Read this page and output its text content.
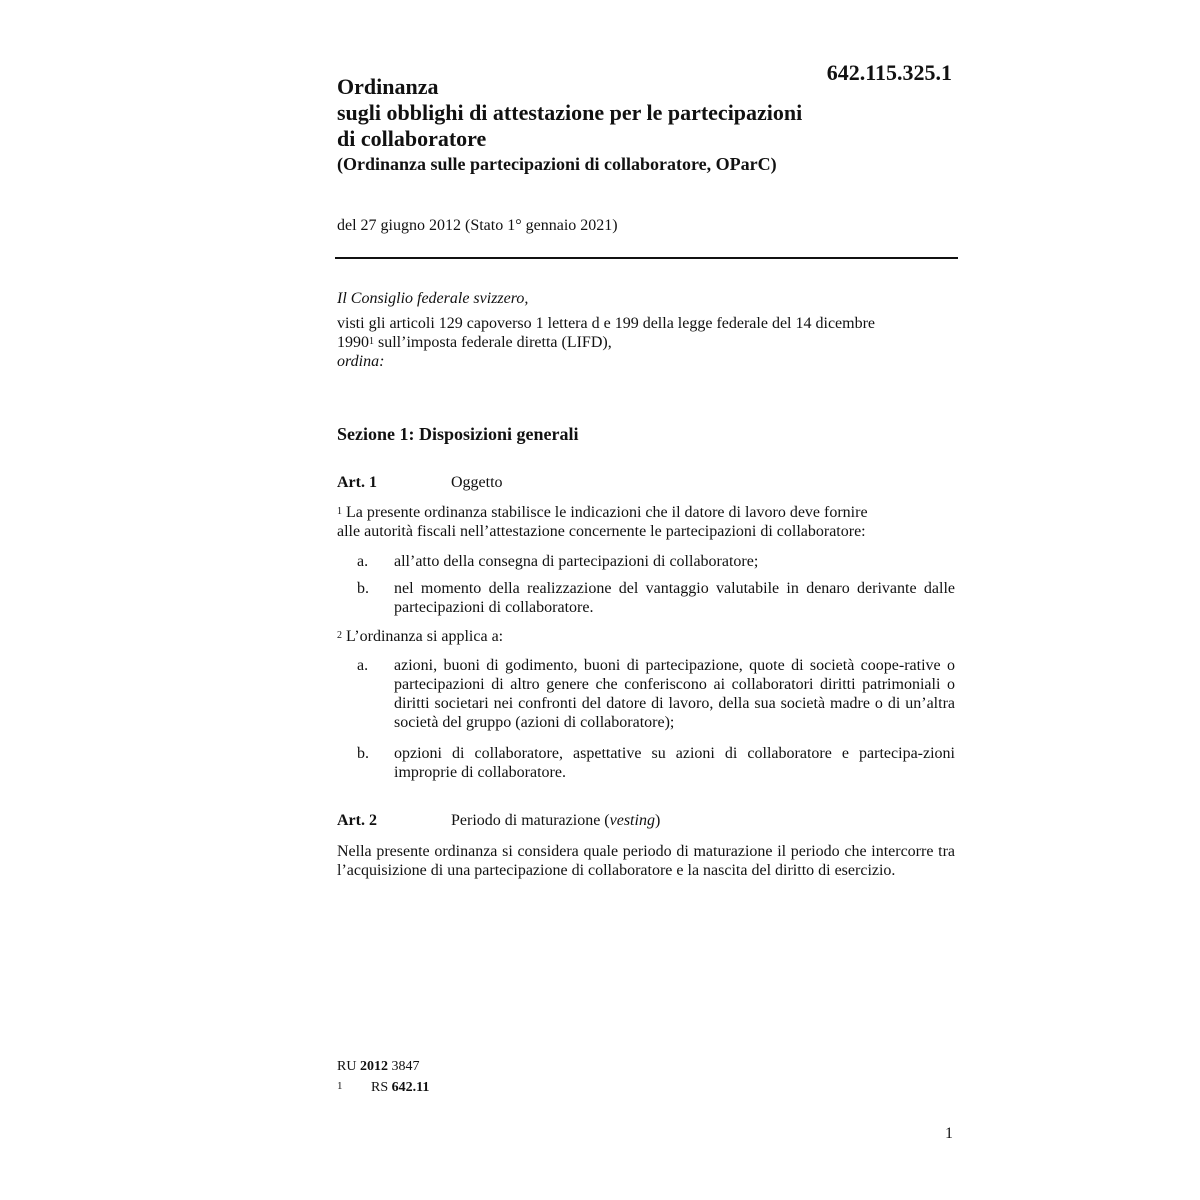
642.115.325.1
Ordinanza
sugli obblighi di attestazione per le partecipazioni
di collaboratore
(Ordinanza sulle partecipazioni di collaboratore, OParC)
del 27 giugno 2012 (Stato 1° gennaio 2021)
Il Consiglio federale svizzero,
visti gli articoli 129 capoverso 1 lettera d e 199 della legge federale del 14 dicembre
1990$^1$ sull’imposta federale diretta (LIFD),
ordina:
Sezione 1: Disposizioni generali
Art. 1	Oggetto
$^1$ La presente ordinanza stabilisce le indicazioni che il datore di lavoro deve fornire
alle autorità fiscali nell’attestazione concernente le partecipazioni di collaboratore:
a. all’atto della consegna di partecipazioni di collaboratore;
b. nel momento della realizzazione del vantaggio valutabile in denaro derivante dalle partecipazioni di collaboratore.
$^2$ L’ordinanza si applica a:
a. azioni, buoni di godimento, buoni di partecipazione, quote di società coope-rative o partecipazioni di altro genere che conferiscono ai collaboratori diritti patrimoniali o diritti societari nei confronti del datore di lavoro, della sua società madre o di un’altra società del gruppo (azioni di collaboratore);
b. opzioni di collaboratore, aspettative su azioni di collaboratore e partecipa-zioni improprie di collaboratore.
Art. 2	Periodo di maturazione (vesting)
Nella presente ordinanza si considera quale periodo di maturazione il periodo che intercorre tra l’acquisizione di una partecipazione di collaboratore e la nascita del diritto di esercizio.
RU 2012 3847
1 RS 642.11
1
